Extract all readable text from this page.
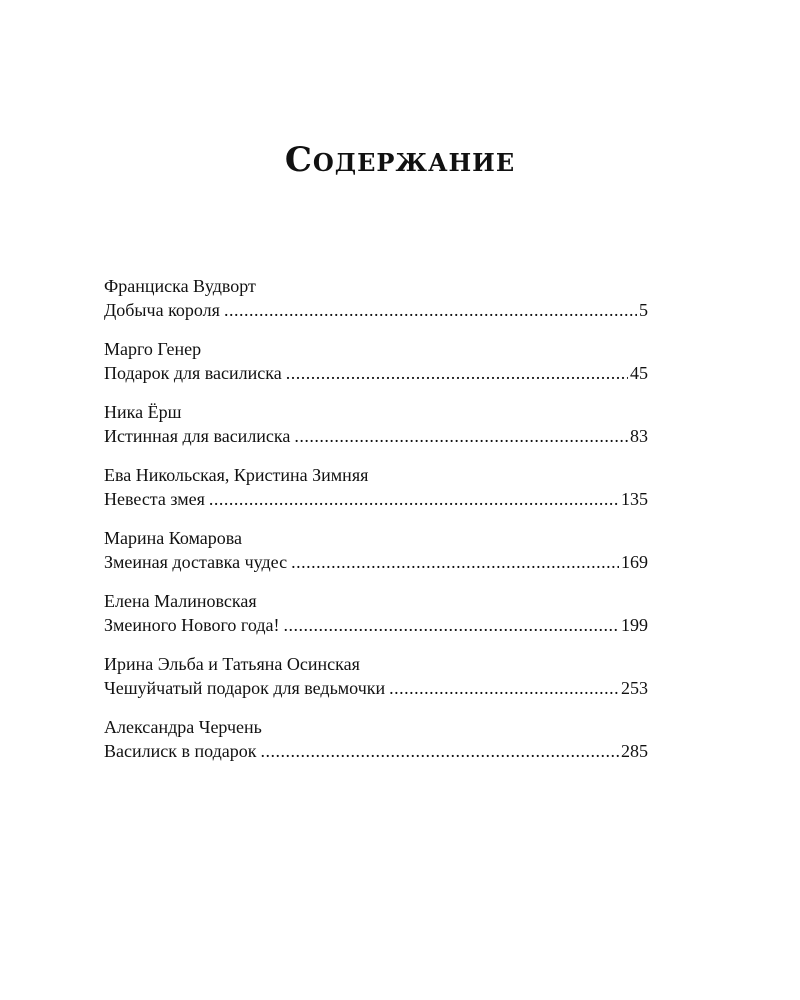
Содержание
Франциска Вудворт
Добыча короля .....	5
Марго Генер
Подарок для василиска .....	45
Ника Ёрш
Истинная для василиска .....	83
Ева Никольская, Кристина Зимняя
Невеста змея .....	135
Марина Комарова
Змеиная доставка чудес .....	169
Елена Малиновская
Змеиного Нового года! .....	199
Ирина Эльба и Татьяна Осинская
Чешуйчатый подарок для ведьмочки .....	253
Александра Черчень
Василиск в подарок .....	285
